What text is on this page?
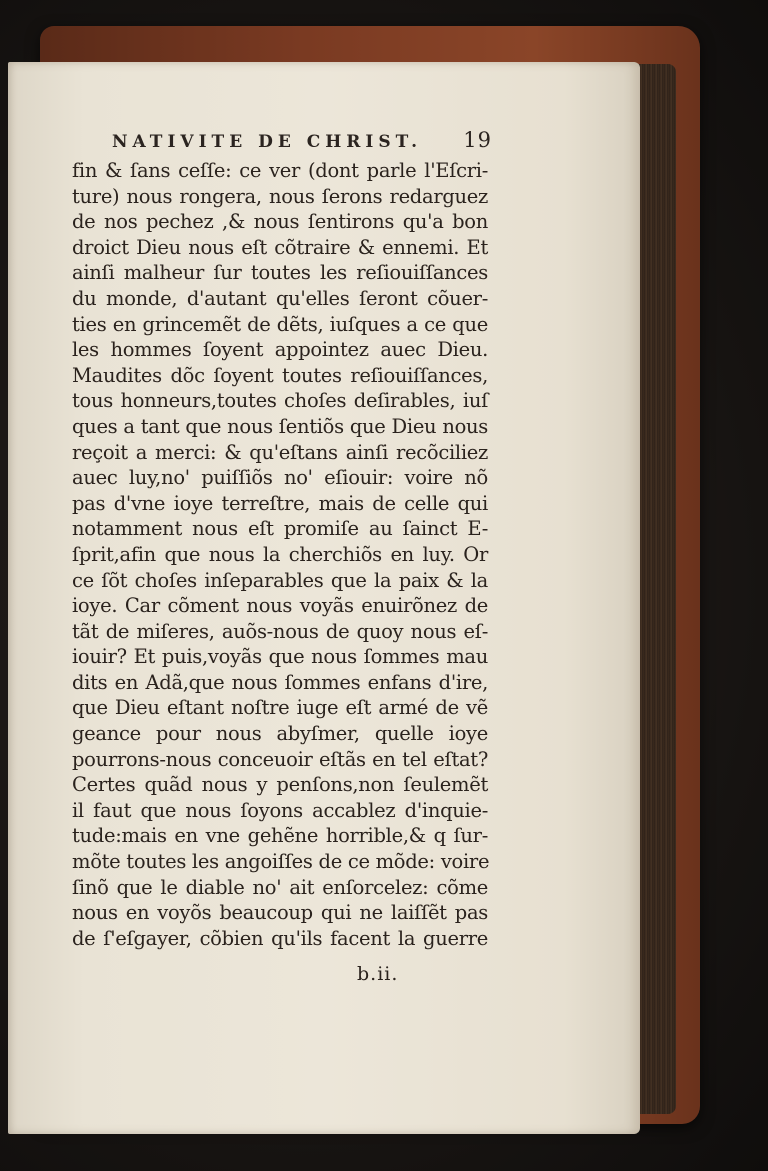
NATIVITE DE CHRIST. 19
fin & ſans ceſſe: ce ver (dont parle l'Eſcri-
ture) nous rongera, nous ſerons redarguez
de nos pechez ,& nous ſentirons qu'a bon
droict Dieu nous eſt cõtraire & ennemi. Et
ainſi malheur ſur toutes les reſiouiſſances
du monde, d'autant qu'elles ſeront cõuer-
ties en grincemẽt de dẽts, iuſques a ce que
les hommes ſoyent appointez auec Dieu.
Maudites dõc ſoyent toutes reſiouiſſances,
tous honneurs,toutes choſes deſirables, iuſ
ques a tant que nous ſentiõs que Dieu nous
reçoit a merci: & qu'eſtans ainſi recõciliez
auec luy,no' puiſſiõs no' eſiouir: voire nõ
pas d'vne ioye terreſtre, mais de celle qui
notamment nous eſt promiſe au ſainct E-
ſprit,afin que nous la cherchiõs en luy. Or
ce ſõt choſes inſeparables que la paix & la
ioye. Car cõment nous voyãs enuirõnez de
tãt de miſeres, auõs-nous de quoy nous eſ-
iouir? Et puis,voyãs que nous ſommes mau
dits en Adã,que nous ſommes enfans d'ire,
que Dieu eſtant noſtre iuge eſt armé de vẽ
geance pour nous abyſmer, quelle ioye
pourrons-nous conceuoir eſtãs en tel eſtat?
Certes quãd nous y penſons,non ſeulemẽt
il faut que nous ſoyons accablez d'inquie-
tude:mais en vne gehẽne horrible,& q ſur-
mõte toutes les angoiſſes de ce mõde: voire
ſinõ que le diable no' ait enſorcelez: cõme
nous en voyõs beaucoup qui ne laiſſẽt pas
de ſ'eſgayer, cõbien qu'ils facent la guerre
b.ii.
